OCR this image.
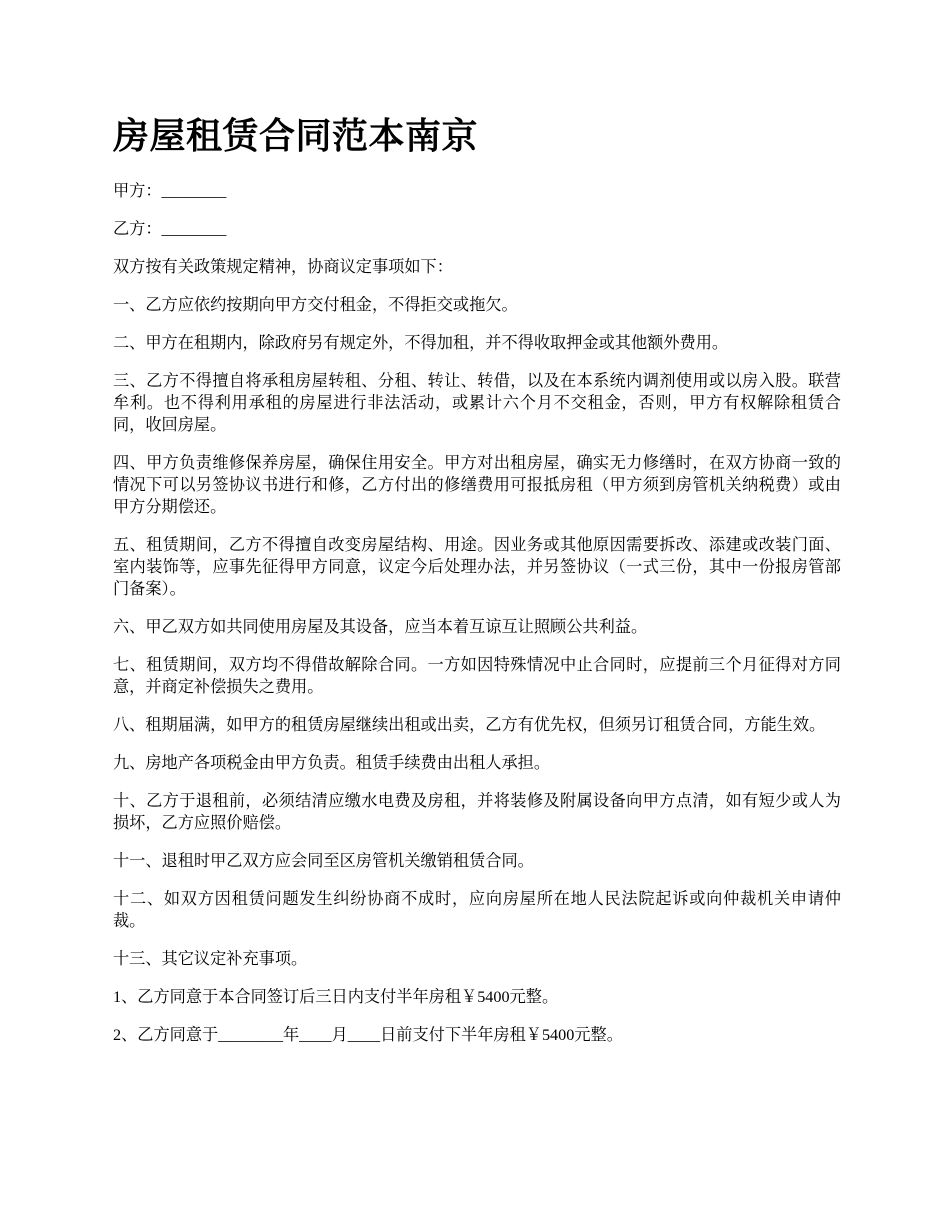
房屋租赁合同范本南京

甲方：________

乙方：________

双方按有关政策规定精神，协商议定事项如下：

一、乙方应依约按期向甲方交付租金，不得拒交或拖欠。

二、甲方在租期内，除政府另有规定外，不得加租，并不得收取押金或其他额外费用。

三、乙方不得擅自将承租房屋转租、分租、转让、转借，以及在本系统内调剂使用或以房入股。联营牟利。也不得利用承租的房屋进行非法活动，或累计六个月不交租金，否则，甲方有权解除租赁合同，收回房屋。

四、甲方负责维修保养房屋，确保住用安全。甲方对出租房屋，确实无力修缮时，在双方协商一致的情况下可以另签协议书进行和修，乙方付出的修缮费用可报抵房租（甲方须到房管机关纳税费）或由甲方分期偿还。

五、租赁期间，乙方不得擅自改变房屋结构、用途。因业务或其他原因需要拆改、添建或改装门面、室内装饰等，应事先征得甲方同意，议定今后处理办法，并另签协议（一式三份，其中一份报房管部门备案）。

六、甲乙双方如共同使用房屋及其设备，应当本着互谅互让照顾公共利益。

七、租赁期间，双方均不得借故解除合同。一方如因特殊情况中止合同时，应提前三个月征得对方同意，并商定补偿损失之费用。

八、租期届满，如甲方的租赁房屋继续出租或出卖，乙方有优先权，但须另订租赁合同，方能生效。

九、房地产各项税金由甲方负责。租赁手续费由出租人承担。

十、乙方于退租前，必须结清应缴水电费及房租，并将装修及附属设备向甲方点清，如有短少或人为损坏，乙方应照价赔偿。

十一、退租时甲乙双方应会同至区房管机关缴销租赁合同。

十二、如双方因租赁问题发生纠纷协商不成时，应向房屋所在地人民法院起诉或向仲裁机关申请仲裁。

十三、其它议定补充事项。

1、乙方同意于本合同签订后三日内支付半年房租￥5400元整。

2、乙方同意于________年____月____日前支付下半年房租￥5400元整。
